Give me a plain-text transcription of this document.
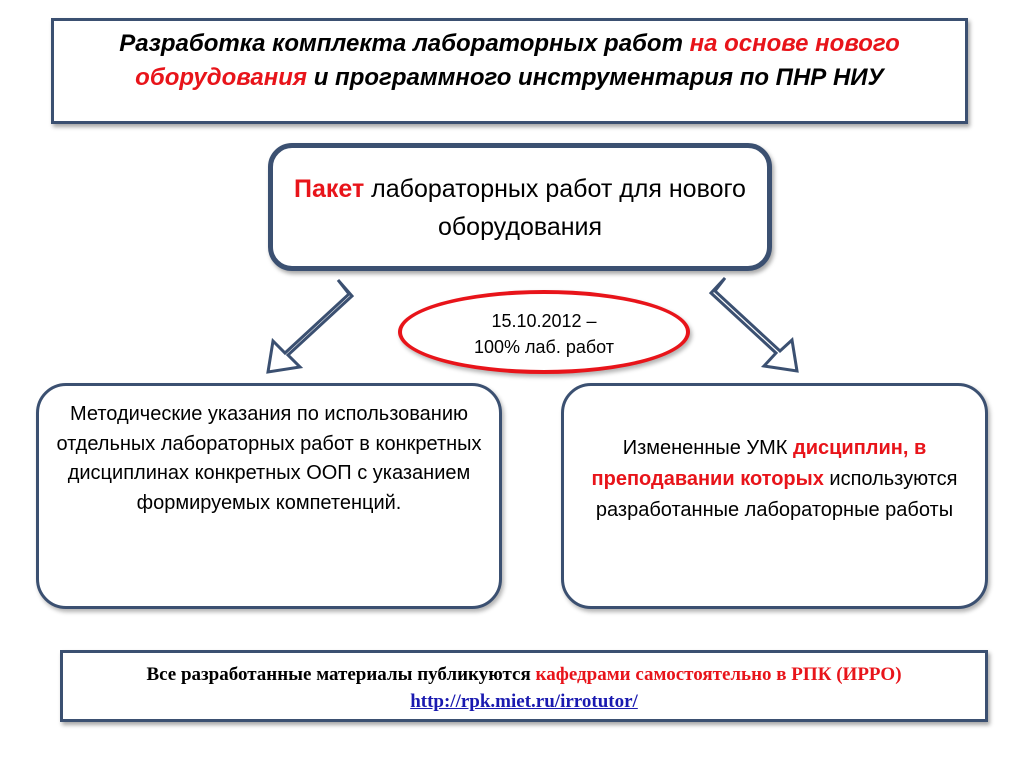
Разработка комплекта лабораторных работ на основе нового оборудования и программного инструментария по ПНР НИУ
Пакет лабораторных работ для нового оборудования
15.10.2012 –
100% лаб. работ
Методические указания по использованию отдельных лабораторных работ в конкретных дисциплинах конкретных ООП с указанием формируемых компетенций.
Измененные УМК дисциплин, в преподавании которых используются разработанные лабораторные работы
Все разработанные материалы публикуются кафедрами самостоятельно в РПК (ИРРО) http://rpk.miet.ru/irrotutor/
